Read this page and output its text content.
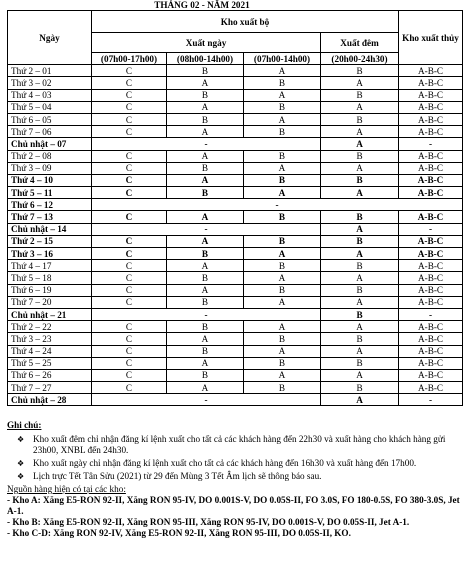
THÁNG 02 - NĂM 2021
Ngày	Kho xuất bộ				Kho xuất thủy
	Xuất ngày			Xuất đêm	
	(07h00-17h00)	(08h00-14h00)	(07h00-14h00)	(20h00-24h30)	
Thứ 2 – 01	C	B	A	B	A-B-C
Thứ 3 – 02	C	A	B	A	A-B-C
Thứ 4 – 03	C	B	A	B	A-B-C
Thứ 5 – 04	C	A	B	A	A-B-C
Thứ 6 – 05	C	B	A	B	A-B-C
Thứ 7 – 06	C	A	B	A	A-B-C
Chủ nhật – 07	-			A	-
Thứ 2 – 08	C	A	B	B	A-B-C
Thứ 3 – 09	C	B	A	A	A-B-C
Thứ 4 – 10	C	A	B	B	A-B-C
Thứ 5 – 11	C	B	A	A	A-B-C
Thứ 6 – 12	-				
Thứ 7 – 13	C	A	B	B	A-B-C
Chủ nhật – 14	-			A	-
Thứ 2 – 15	C	A	B	B	A-B-C
Thứ 3 – 16	C	B	A	A	A-B-C
Thứ 4 – 17	C	A	B	B	A-B-C
Thứ 5 – 18	C	B	A	A	A-B-C
Thứ 6 – 19	C	A	B	B	A-B-C
Thứ 7 – 20	C	B	A	A	A-B-C
Chủ nhật – 21	-			B	-
Thứ 2 – 22	C	B	A	A	A-B-C
Thứ 3 – 23	C	A	B	B	A-B-C
Thứ 4 – 24	C	B	A	A	A-B-C
Thứ 5 – 25	C	A	B	B	A-B-C
Thứ 6 – 26	C	B	A	A	A-B-C
Thứ 7 – 27	C	A	B	B	A-B-C
Chủ nhật – 28	-			A	-
Ghi chú:
❖ Kho xuất đêm chỉ nhận đăng kí lệnh xuất cho tất cả các khách hàng đến 22h30 và xuất hàng cho khách hàng gửi 23h00, XNBL đến 24h30.
❖ Kho xuất ngày chỉ nhận đăng kí lệnh xuất cho tất cả các khách hàng đến 16h30 và xuất hàng đến 17h00.
❖ Lịch trực Tết Tân Sửu (2021) từ 29 đến Mùng 3 Tết Âm lịch sẽ thông báo sau.
Nguồn hàng hiện có tại các kho:
- Kho A: Xăng E5-RON 92-II, Xăng RON 95-IV, DO 0.001S-V, DO 0.05S-II, FO 3.0S, FO 180-0.5S, FO 380-3.0S, Jet A-1.
- Kho B: Xăng E5-RON 92-II, Xăng RON 95-III, Xăng RON 95-IV, DO 0.001S-V, DO 0.05S-II, Jet A-1.
- Kho C-D: Xăng RON 92-IV, Xăng E5-RON 92-II, Xăng RON 95-III, DO 0.05S-II, KO.
